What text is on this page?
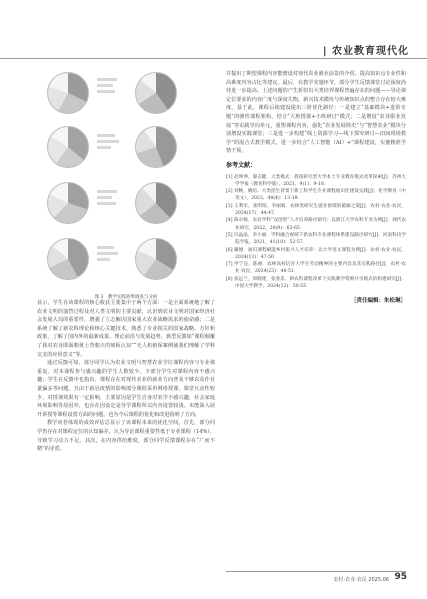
| 农业教育现代化
图 3　教学实践效果调查与分析

显示，学生在该课程的核心收获主要集中于两个方面：一是全面系统地了解了农业文明的演替过程及对人类文明的主要贡献，认识到农业文明对国家经济社会发展大局的重要性，增强了立志解决国家重大农业战略需求的使命感；二是系统了解了新农科理论和核心关键技术，熟悉了专业相关的国家战略、方针和政策，了解了国内外的最新成果、理论前沿与发展趋势。典型反馈如“课程颠覆了我对农业即面朝黄土背朝天的刻板认知”“无人机植保案例使我们理解了学科交叉的应用意义”等。

通过反馈可知，部分同学认为农业文明与智慧农业学位课程内容与专业课重复，对本课程参与感兴趣的学生人数较少，少部分学生对课程内容不感兴趣；学生在反馈中也指出，课程存在对现代农业的就业方向普及不够以及作业量偏多等问题，且由于新冠疫情的影响部分课程采用网络授课，课堂互动性较少，对授课效果有一定影响。主要原因是学生自身对农学不感兴趣，社会家庭环境影响等原因外，也存在因设定是导学课程所以内容设置较浅、未能深入展开讲授等课程设置方面的问题，也为今后课程的优化和改进指明了方向。

教学问卷体现的成效评估总显示了该课程未来的优化空间。首先，部分同学仍存在对课程定位的认知偏差，认为导论课程重要性低于专业课程（14%），导致学习动力不足。其次，在内容供给维度，部分同学反馈课程存在“广而不精”的矛盾，

并提出了期望课程内容能增设对现代农业就业前景的介绍、提高知识点专业性和高难度内容占比等建议。最后，在教学实施环节，部分学生反馈课堂讨论深度尚待进一步提高。上述问题的产生折射出大类培养课程普遍存在的问题——导论课定位要求的内容广度与深度失衡。新兴技术模块与传统知识点的整合存在较大难度。基于此，课程后续建设提出三阶优化路径：一是建立“基础模块+进阶专题”的弹性课程架构，结合“大班授课+小班研讨”模式；二是增设“农业职业发展”等实践导向单元，重塑课程内容，强化“农业发展简史”与“智慧农业”模块分别增设实践课堂；三是进一步构建“线上资源学习—线下探究研讨—田间现场教学”的混合式教学模式，进一步结合“人工智能（AI）+”课程建设，实施精准学情干预。

参考文献：
[1] 赵坤坤，秦志健．大类模式：我国研究型大学本土专业教育模式改革探索[J]．苏州大学学报（教育科学版），2021，9(1)：9-18．
[2] 刘畅，姚培．大类招生背景下新工科学生专业课程通识化建设实践[J]．化学教育（中英文），2023，44(4)：13-18．
[3] 王利军，张明阳，李丽娟．农林类研究生就业困境的破解之策[J]．农村·农业·农民，2024(17)：44-47．
[4] 陈卓梅．农业学科“双创型”人才培养路径研究：以浙江大学农科专业为例[J]．现代农业研究，2022，28(9)：63-65．
[5] 冯晶晶，李小丽．学科融合视域下新农科专业课程体系建设路径研究[J]．河南科技学院学报，2021，41(10)：52-57．
[6] 戴娅．通识课程赋能乡村振兴人才培养：以大学语文课程为例[J]．农村·农业·农民，2024(13)：47-50．
[7] 申宁良，陈丽．农林高校培育大学生劳动精神的主要内容及其实践路径[J]．农村·农业·农民，2024(23)：48-51．
[8] 张远兰，周晓建，张春乐．新农科课程改革下实践教学资源共享模式的构建研究[J]．中国大学教学，2024(12)：50-55．
［责任编辑：朱松琳］
农村·农业·农民 2025.06 95
